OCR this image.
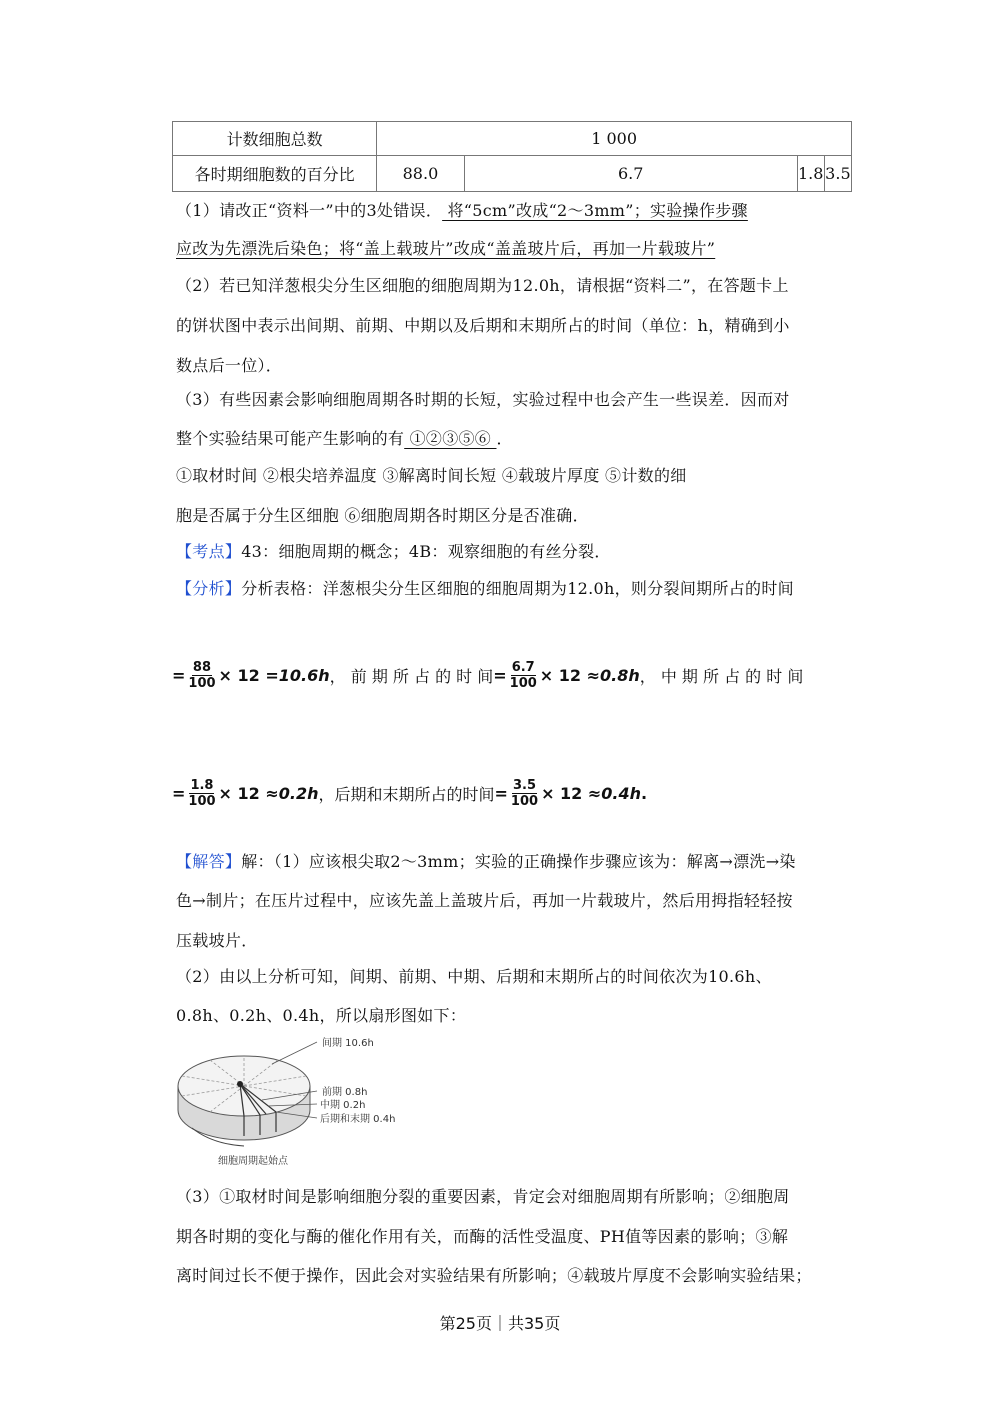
计数细胞总数	1 000			
各时期细胞数的百分比	88.0	6.7	1.8	3.5
（1）请改正“资料一”中的3处错误． 将“5cm”改成“2～3mm”；实验操作步骤
应改为先漂洗后染色；将“盖上载玻片”改成“盖盖玻片后，再加一片载玻片”
（2）若已知洋葱根尖分生区细胞的细胞周期为12.0h，请根据“资料二”，在答题卡上
的饼状图中表示出间期、前期、中期以及后期和末期所占的时间（单位：h，精确到小
数点后一位）．
（3）有些因素会影响细胞周期各时期的长短，实验过程中也会产生一些误差．因而对
整个实验结果可能产生影响的有 ①②③⑤⑥ ．
①取材时间 ②根尖培养温度 ③解离时间长短 ④载玻片厚度 ⑤计数的细
胞是否属于分生区细胞 ⑥细胞周期各时期区分是否准确．
【考点】43：细胞周期的概念；4B：观察细胞的有丝分裂．
【分析】分析表格：洋葱根尖分生区细胞的细胞周期为12.0h，则分裂间期所占的时间
= $\frac{88}{100} \times 12 = 10.6h$ ， 前 期 所 占 的 时 间 = $\frac{6.7}{100} \times 12 \approx 0.8h$ ， 中 期 所 占 的 时 间
= $\frac{1.8}{100} \times 12 \approx 0.2h$ ，后期和末期所占的时间 = $\frac{3.5}{100} \times 12 \approx 0.4h$ .
【解答】解：（1）应该根尖取2～3mm；实验的正确操作步骤应该为：解离→漂洗→染
色→制片；在压片过程中，应该先盖上盖玻片后，再加一片载玻片，然后用拇指轻轻按
压载坡片．
（2）由以上分析可知，间期、前期、中期、后期和末期所占的时间依次为10.6h、
0.8h、0.2h、0.4h，所以扇形图如下：
间期 10.6h
前期 0.8h
中期 0.2h
后期和末期 0.4h
细胞周期起始点
（3）①取材时间是影响细胞分裂的重要因素，肯定会对细胞周期有所影响；②细胞周
期各时期的变化与酶的催化作用有关，而酶的活性受温度、PH值等因素的影响；③解
离时间过长不便于操作，因此会对实验结果有所影响；④载玻片厚度不会影响实验结果；
第25页｜共35页
